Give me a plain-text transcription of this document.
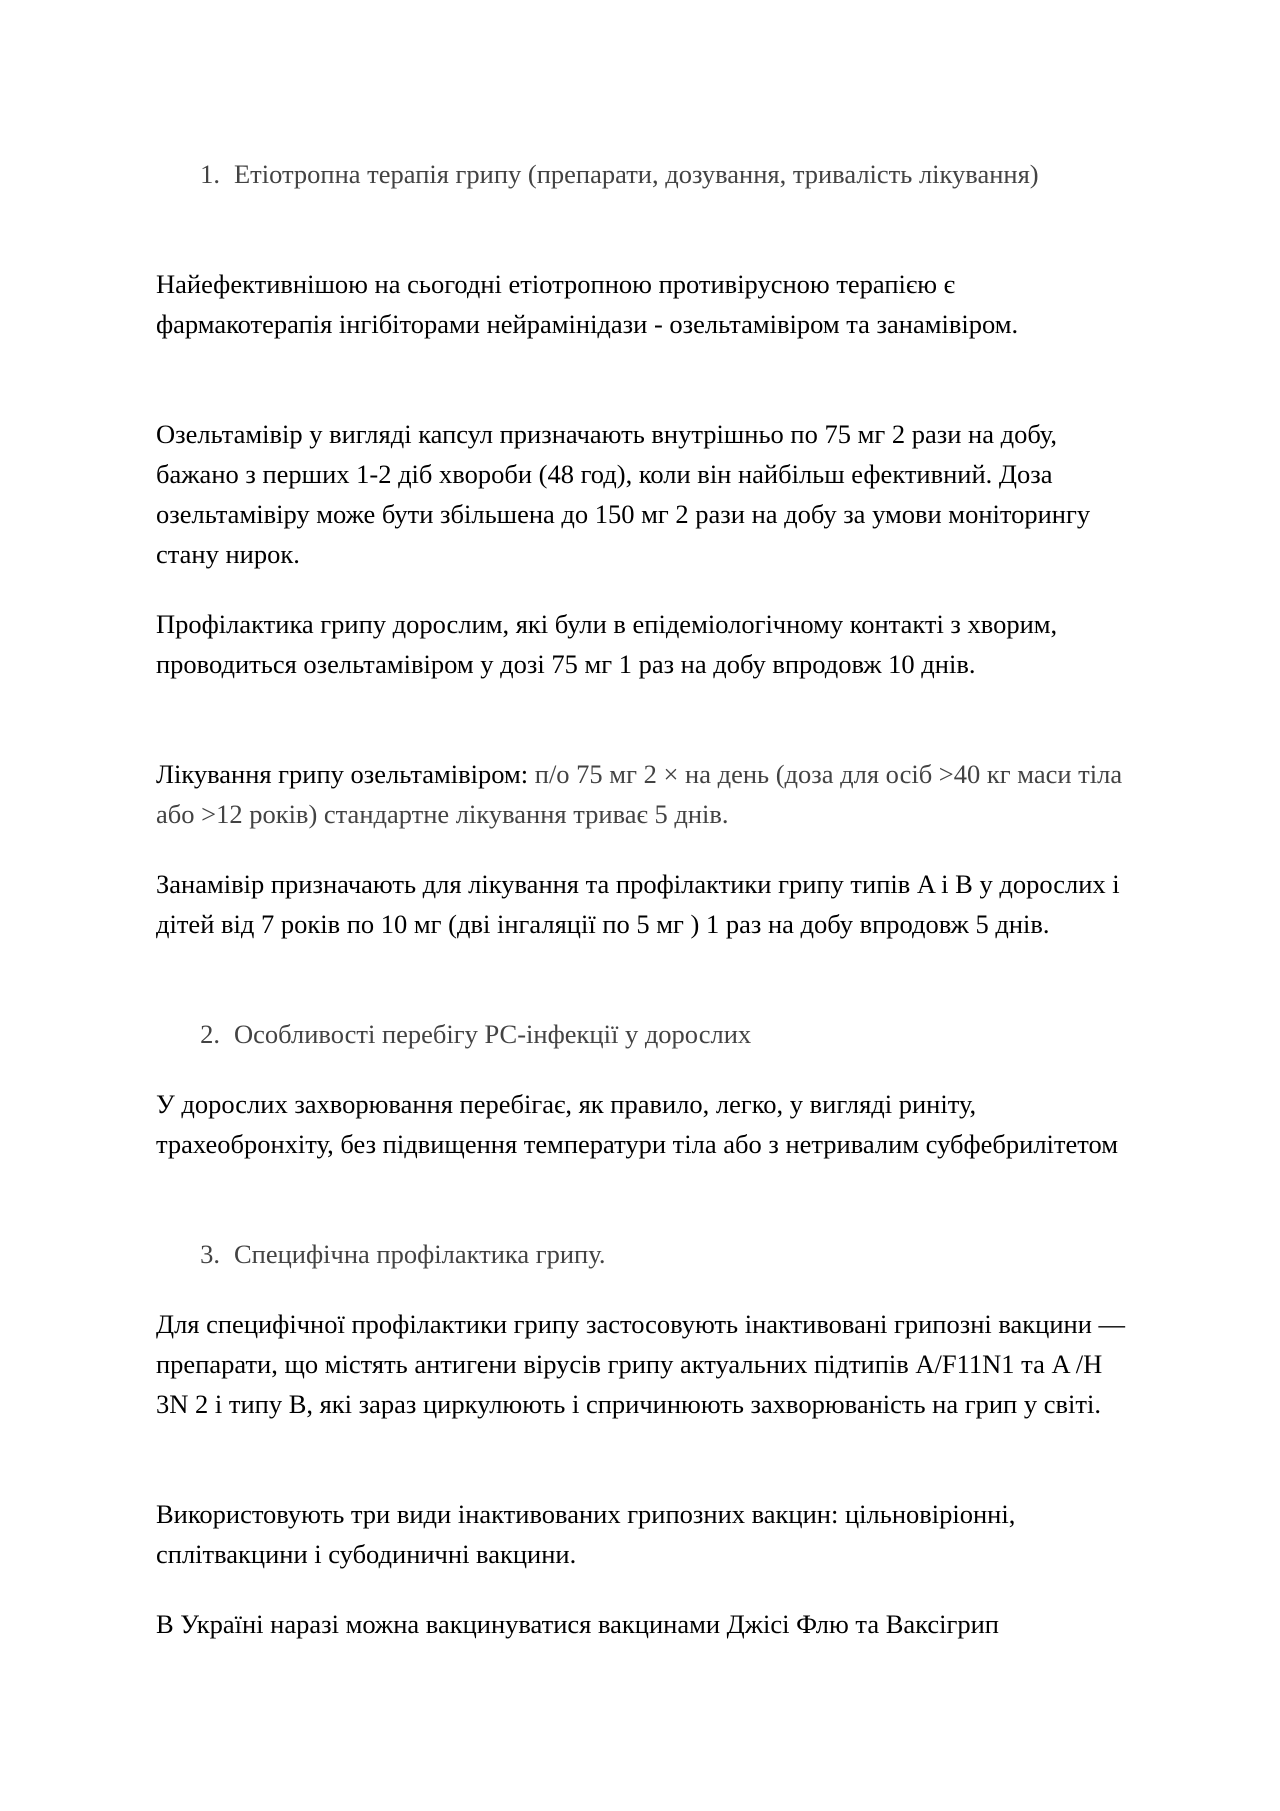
1. Етіотропна терапія грипу (препарати, дозування, тривалість лікування)

Найефективнішою на сьогодні етіотропною противірусною терапією є фармакотерапія інгібіторами нейрамінідази - озельтамівіром та занамівіром.

Озельтамівір у вигляді капсул призначають внутрішньо по 75 мг 2 рази на добу, бажано з перших 1-2 діб хвороби (48 год), коли він найбільш ефективний. Доза озельтамівіру може бути збільшена до 150 мг 2 рази на добу за умови моніторингу стану нирок.

Профілактика грипу дорослим, які були в епідеміологічному контакті з хворим, проводиться озельтамівіром у дозі 75 мг 1 раз на добу впродовж 10 днів.

Лікування грипу озельтамівіром: п/o 75 мг 2 × на день (доза для осіб >40 кг маси тіла або >12 років) стандартне лікування триває 5 днів.

Занамівір призначають для лікування та профілактики грипу типів A і B у дорослих і дітей від 7 років по 10 мг (дві інгаляції по 5 мг ) 1 раз на добу впродовж 5 днів.

2. Особливості перебігу РС-інфекції у дорослих

У дорослих захворювання перебігає, як правило, легко, у вигляді риніту, трахеобронхіту, без підвищення температури тіла або з нетривалим субфебрилітетом

3. Специфічна профілактика грипу.

Для специфічної профілактики грипу застосовують інактивовані грипозні вакцини — препарати, що містять антигени вірусів грипу актуальних підтипів A/F11N1 та A /H 3N 2 і типу B, які зараз циркулюють і спричинюють захворюваність на грип у світі.

Використовують три види інактивованих грипозних вакцин: цільновіріонні, сплітвакцини і субодиничні вакцини.

В Україні наразі можна вакцинуватися вакцинами Джісі Флю та Ваксігрип
